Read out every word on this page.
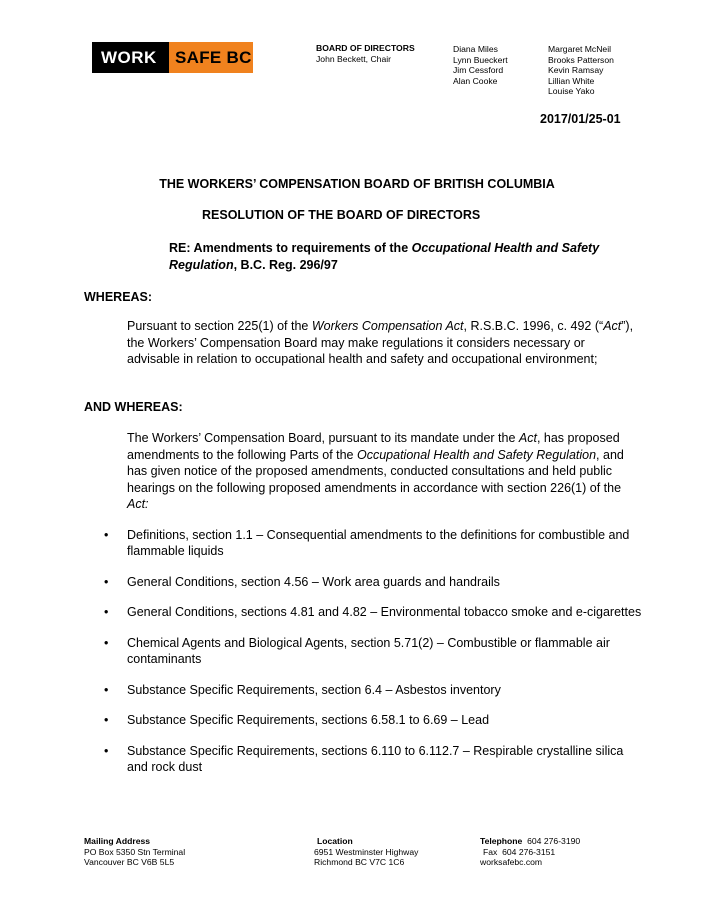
WORK	SAFE BC	BOARD OF DIRECTORS
John Beckett, Chair
Diana Miles
Lynn Bueckert
Jim Cessford
Alan Cooke
Margaret McNeil
Brooks Patterson
Kevin Ramsay
Lillian White
Louise Yako
2017/01/25-01
THE WORKERS’ COMPENSATION BOARD OF BRITISH COLUMBIA
RESOLUTION OF THE BOARD OF DIRECTORS
RE: Amendments to requirements of the Occupational Health and Safety Regulation, B.C. Reg. 296/97
WHEREAS:
Pursuant to section 225(1) of the Workers Compensation Act, R.S.B.C. 1996, c. 492 (“Act”), the Workers’ Compensation Board may make regulations it considers necessary or advisable in relation to occupational health and safety and occupational environment;
AND WHEREAS:
The Workers’ Compensation Board, pursuant to its mandate under the Act, has proposed amendments to the following Parts of the Occupational Health and Safety Regulation, and has given notice of the proposed amendments, conducted consultations and held public hearings on the following proposed amendments in accordance with section 226(1) of the Act:
• Definitions, section 1.1 – Consequential amendments to the definitions for combustible and flammable liquids
• General Conditions, section 4.56 – Work area guards and handrails
• General Conditions, sections 4.81 and 4.82 – Environmental tobacco smoke and e-cigarettes
• Chemical Agents and Biological Agents, section 5.71(2) – Combustible or flammable air contaminants
• Substance Specific Requirements, section 6.4 – Asbestos inventory
• Substance Specific Requirements, sections 6.58.1 to 6.69 – Lead
• Substance Specific Requirements, sections 6.110 to 6.112.7 – Respirable crystalline silica and rock dust
Mailing Address
PO Box 5350 Stn Terminal
Vancouver BC V6B 5L5
Location
6951 Westminster Highway
Richmond BC V7C 1C6
Telephone 604 276-3190
Fax 604 276-3151
worksafebc.com
